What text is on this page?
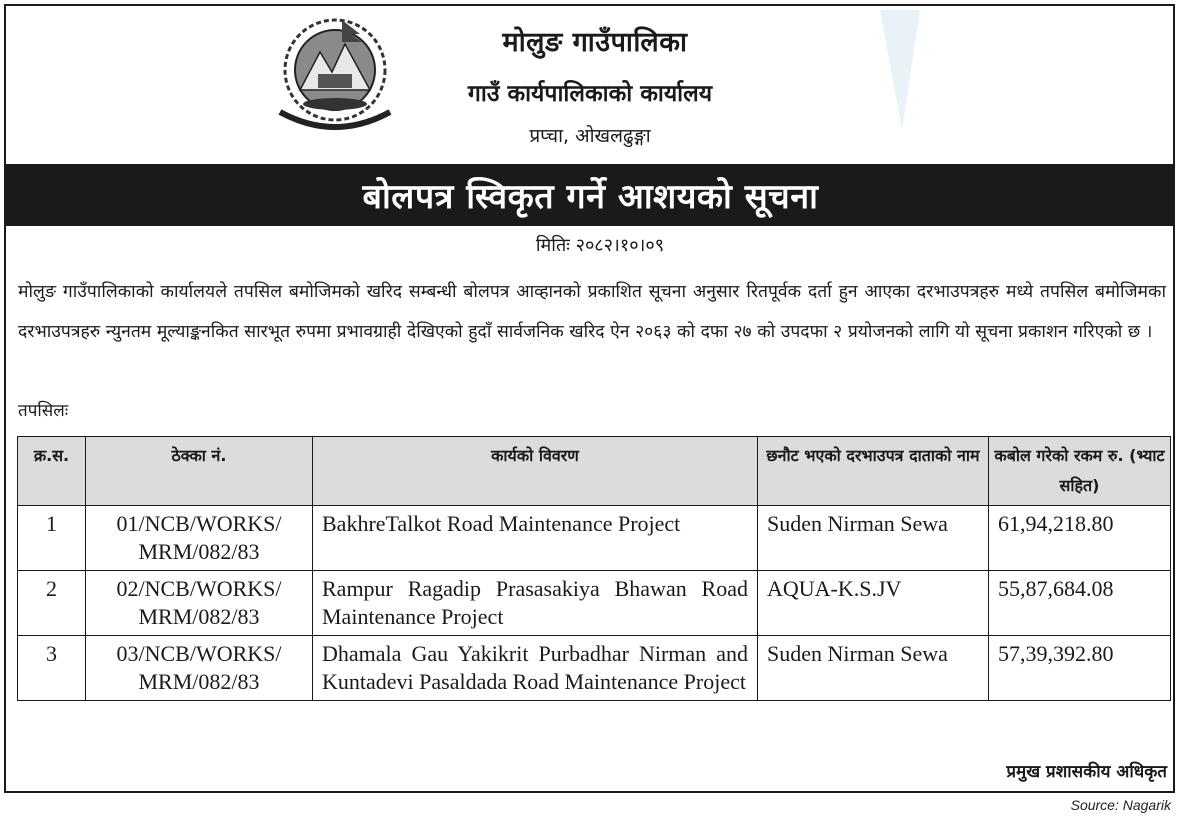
मोलुङ गाउँपालिका
गाउँ कार्यपालिकाको कार्यालय
प्रप्चा, ओखलढुङ्गा
बोलपत्र स्विकृत गर्ने आशयको सूचना
मितिः २०८२।१०।०९
मोलुङ गाउँपालिकाको कार्यालयले तपसिल बमोजिमको खरिद सम्बन्धी बोलपत्र आव्हानको प्रकाशित सूचना अनुसार रितपूर्वक दर्ता हुन आएका दरभाउपत्रहरु मध्ये तपसिल बमोजिमका दरभाउपत्रहरु न्युनतम मूल्याङ्कनकित सारभूत रुपमा प्रभावग्राही देखिएको हुदाँ सार्वजनिक खरिद ऐन २०६३ को दफा २७ को उपदफा २ प्रयोजनको लागि यो सूचना प्रकाशन गरिएको छ ।
तपसिलः
क्र.स.	ठेक्का नं.	कार्यको विवरण	छनौट भएको दरभाउपत्र दाताको नाम	कबोल गरेको रकम रु. (भ्याट सहित)
1	01/NCB/WORKS/ MRM/082/83	BakhreTalkot Road Maintenance Project	Suden Nirman Sewa	61,94,218.80
2	02/NCB/WORKS/ MRM/082/83	Rampur Ragadip Prasasakiya Bhawan Road Maintenance Project	AQUA-K.S.JV	55,87,684.08
3	03/NCB/WORKS/ MRM/082/83	Dhamala Gau Yakikrit Purbadhar Nirman and Kuntadevi Pasaldada Road Maintenance Project	Suden Nirman Sewa	57,39,392.80
प्रमुख प्रशासकीय अधिकृत
Source: Nagarik
